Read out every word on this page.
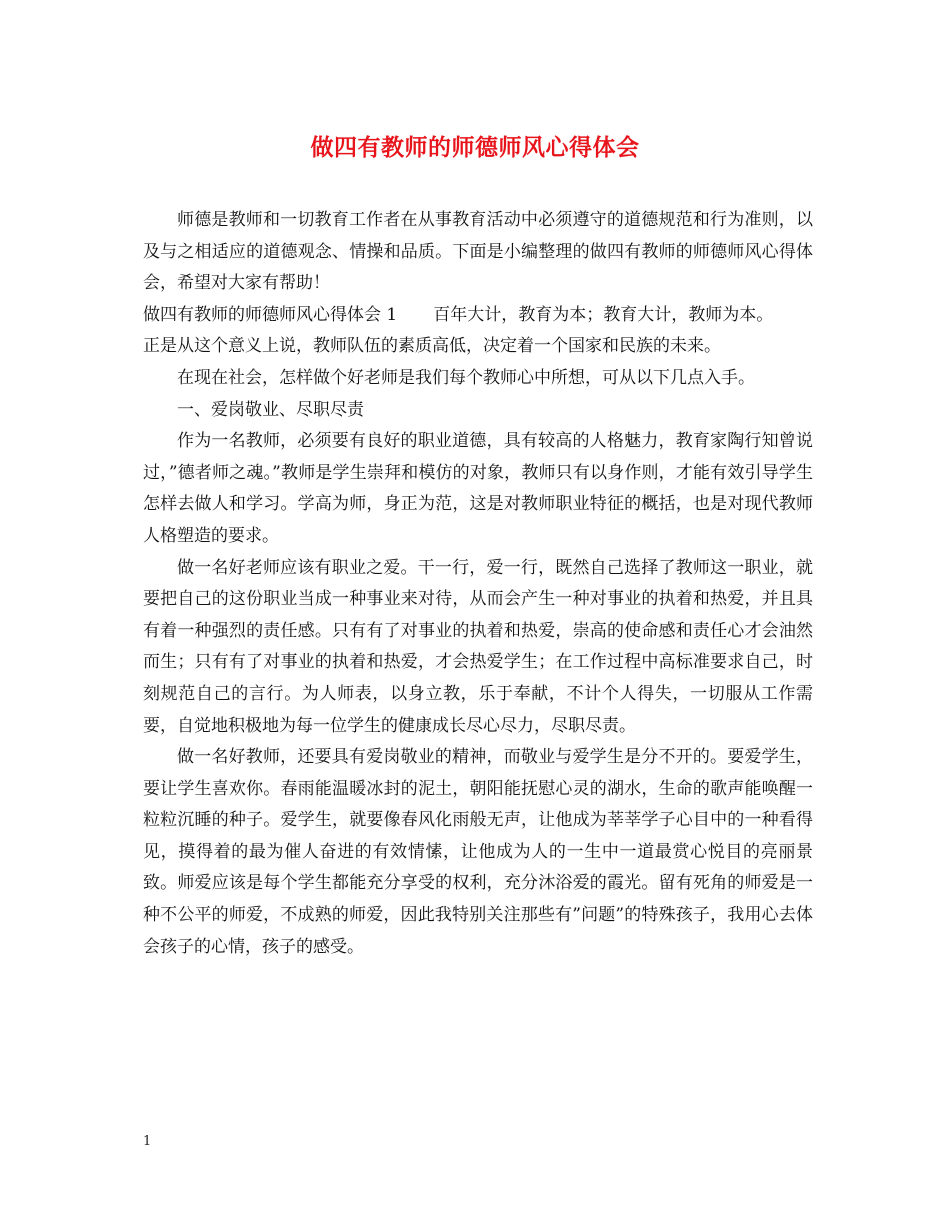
做四有教师的师德师风心得体会

师德是教师和一切教育工作者在从事教育活动中必须遵守的道德规范和行为准则，以及与之相适应的道德观念、情操和品质。下面是小编整理的做四有教师的师德师风心得体会，希望对大家有帮助！

做四有教师的师德师风心得体会 1 百年大计，教育为本；教育大计，教师为本。

正是从这个意义上说，教师队伍的素质高低，决定着一个国家和民族的未来。

在现在社会，怎样做个好老师是我们每个教师心中所想，可从以下几点入手。

一、爱岗敬业、尽职尽责

作为一名教师，必须要有良好的职业道德，具有较高的人格魅力，教育家陶行知曾说过，”德者师之魂。”教师是学生崇拜和模仿的对象，教师只有以身作则，才能有效引导学生怎样去做人和学习。学高为师，身正为范，这是对教师职业特征的概括，也是对现代教师人格塑造的要求。

做一名好老师应该有职业之爱。干一行，爱一行，既然自己选择了教师这一职业，就要把自己的这份职业当成一种事业来对待，从而会产生一种对事业的执着和热爱，并且具有着一种强烈的责任感。只有有了对事业的执着和热爱，崇高的使命感和责任心才会油然而生；只有有了对事业的执着和热爱，才会热爱学生；在工作过程中高标准要求自己，时刻规范自己的言行。为人师表，以身立教，乐于奉献，不计个人得失，一切服从工作需要，自觉地积极地为每一位学生的健康成长尽心尽力，尽职尽责。

做一名好教师，还要具有爱岗敬业的精神，而敬业与爱学生是分不开的。要爱学生，要让学生喜欢你。春雨能温暖冰封的泥土，朝阳能抚慰心灵的湖水，生命的歌声能唤醒一粒粒沉睡的种子。爱学生，就要像春风化雨般无声，让他成为莘莘学子心目中的一种看得见，摸得着的最为催人奋进的有效情愫，让他成为人的一生中一道最赏心悦目的亮丽景致。师爱应该是每个学生都能充分享受的权利，充分沐浴爱的霞光。留有死角的师爱是一种不公平的师爱，不成熟的师爱，因此我特别关注那些有”问题”的特殊孩子，我用心去体会孩子的心情，孩子的感受。

1
